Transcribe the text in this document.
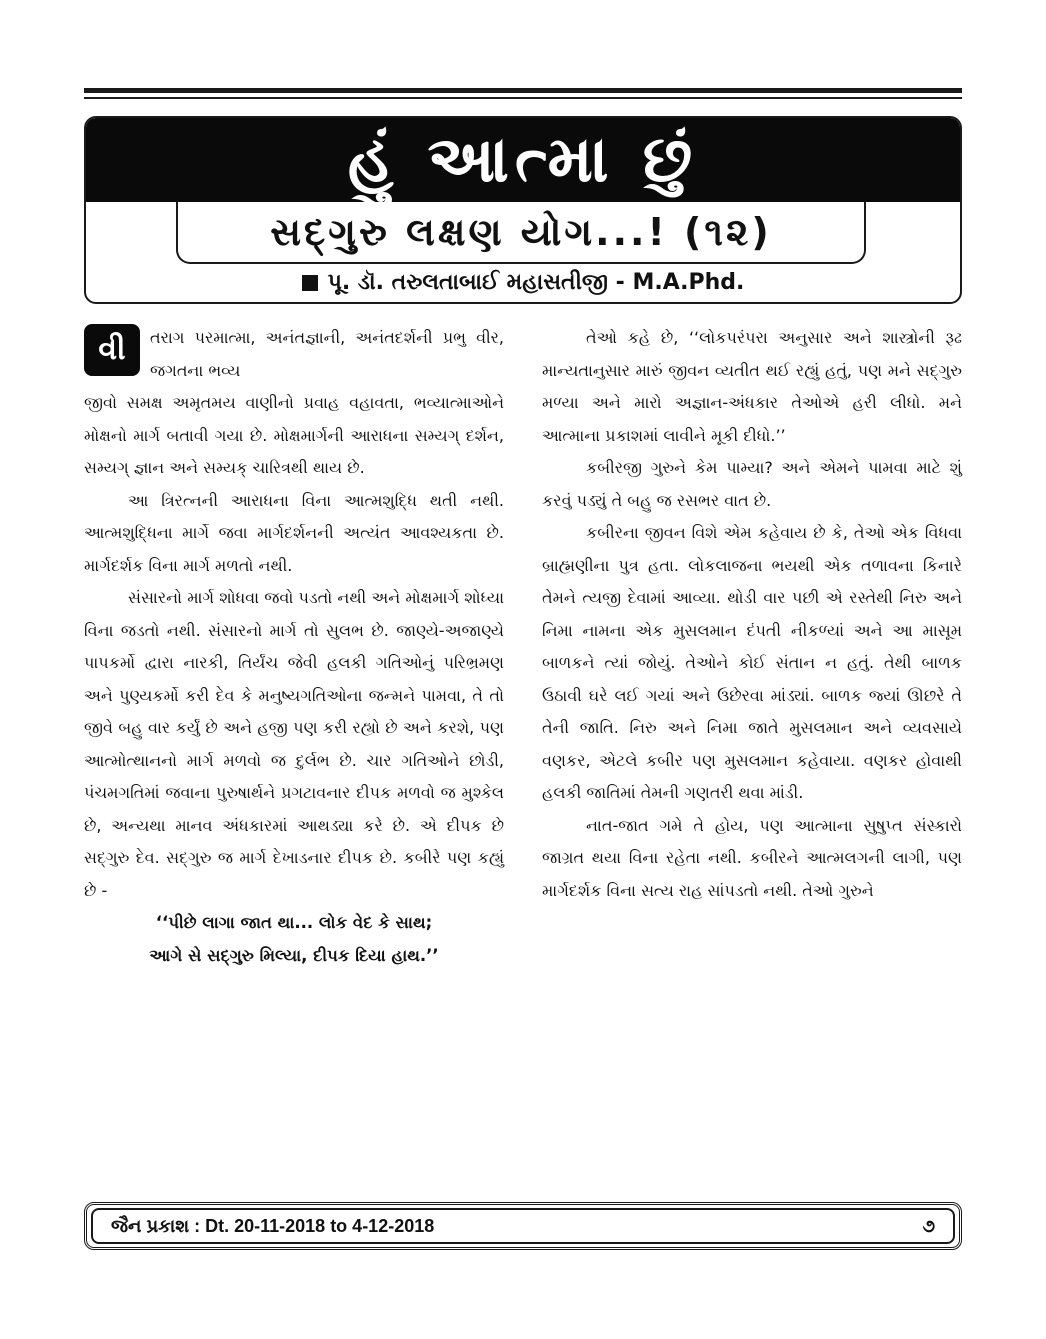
હું આત્મા છું
સદ્ગુરુ લક્ષણ યોગ...! (૧૨)
પૂ. ડૉ. તરુલતાબાઈ મહાસતીજી - M.A.Phd.

વી	તરાગ પરમાત્મા, અનંતજ્ઞાની, અનંતદર્શની પ્રભુ વીર, જગતના ભવ્ય

જીવો સમક્ષ અમૃતમય વાણીનો પ્રવાહ વહાવતા, ભવ્યાત્માઓને મોક્ષનો માર્ગ બતાવી ગયા છે. મોક્ષમાર્ગની આરાધના સમ્યગ્ દર્શન, સમ્યગ્ જ્ઞાન અને સમ્યક્ ચારિત્રથી થાય છે.

આ ત્રિરત્નની આરાધના વિના આત્મશુદ્ધિ થતી નથી. આત્મશુદ્ધિના માર્ગે જવા માર્ગદર્શનની અત્યંત આવશ્યકતા છે. માર્ગદર્શક વિના માર્ગ મળતો નથી.

સંસારનો માર્ગ શોધવા જવો પડતો નથી અને મોક્ષમાર્ગ શોધ્યા વિના જડતો નથી. સંસારનો માર્ગ તો સુલભ છે. જાણ્યે-અજાણ્યે પાપકર્મો દ્વારા નારકી, તિર્યંચ જેવી હલકી ગતિઓનું પરિભ્રમણ અને પુણ્યકર્મો કરી દેવ કે મનુષ્યગતિઓના જન્મને પામવા, તે તો જીવે બહુ વાર કર્યું છે અને હજી પણ કરી રહ્યો છે અને કરશે, પણ આત્મોત્થાનનો માર્ગ મળવો જ દુર્લભ છે. ચાર ગતિઓને છોડી, પંચમગતિમાં જવાના પુરુષાર્થને પ્રગટાવનાર દીપક મળવો જ મુશ્કેલ છે, અન્યથા માનવ અંધકારમાં આથડ્યા કરે છે. એ દીપક છે સદ્ગુરુ દેવ. સદ્ગુરુ જ માર્ગ દેખાડનાર દીપક છે. કબીરે પણ કહ્યું છે -

‘‘પીછે લાગા જાત થા... લોક વેદ કે સાથ;

આગે સે સદ્ગુરુ મિલ્યા, દીપક દિયા હાથ.’’

તેઓ કહે છે, ‘‘લોકપરંપરા અનુસાર અને શાસ્ત્રોની રૂઢ માન્યતાનુસાર મારું જીવન વ્યતીત થઈ રહ્યું હતું, પણ મને સદ્ગુરુ મળ્યા અને મારો અજ્ઞાન-અંધકાર તેઓએ હરી લીધો. મને આત્માના પ્રકાશમાં લાવીને મૂકી દીધો.’’

કબીરજી ગુરુને કેમ પામ્યા? અને એમને પામવા માટે શું કરવું પડ્યું તે બહુ જ રસભર વાત છે.

કબીરના જીવન વિશે એમ કહેવાય છે કે, તેઓ એક વિધવા બ્રાહ્મણીના પુત્ર હતા. લોકલાજના ભયથી એક તળાવના કિનારે તેમને ત્યજી દેવામાં આવ્યા. થોડી વાર પછી એ રસ્તેથી નિરુ અને નિમા નામના એક મુસલમાન દંપતી નીકળ્યાં અને આ માસૂમ બાળકને ત્યાં જોયું. તેઓને કોઈ સંતાન ન હતું. તેથી બાળક ઉઠાવી ઘરે લઈ ગયાં અને ઉછેરવા માંડ્યાં. બાળક જ્યાં ઊછરે તે તેની જાતિ. નિરુ અને નિમા જાતે મુસલમાન અને વ્યવસાયે વણકર, એટલે કબીર પણ મુસલમાન કહેવાયા. વણકર હોવાથી હલકી જાતિમાં તેમની ગણતરી થવા માંડી.

નાત-જાત ગમે તે હોય, પણ આત્માના સુષુપ્ત સંસ્કારો જાગ્રત થયા વિના રહેતા નથી. કબીરને આત્મલગની લાગી, પણ માર્ગદર્શક વિના સત્ય રાહ સાંપડતો નથી. તેઓ ગુરુને

જૈન પ્રકાશ : Dt. 20-11-2018 to 4-12-2018	૭
